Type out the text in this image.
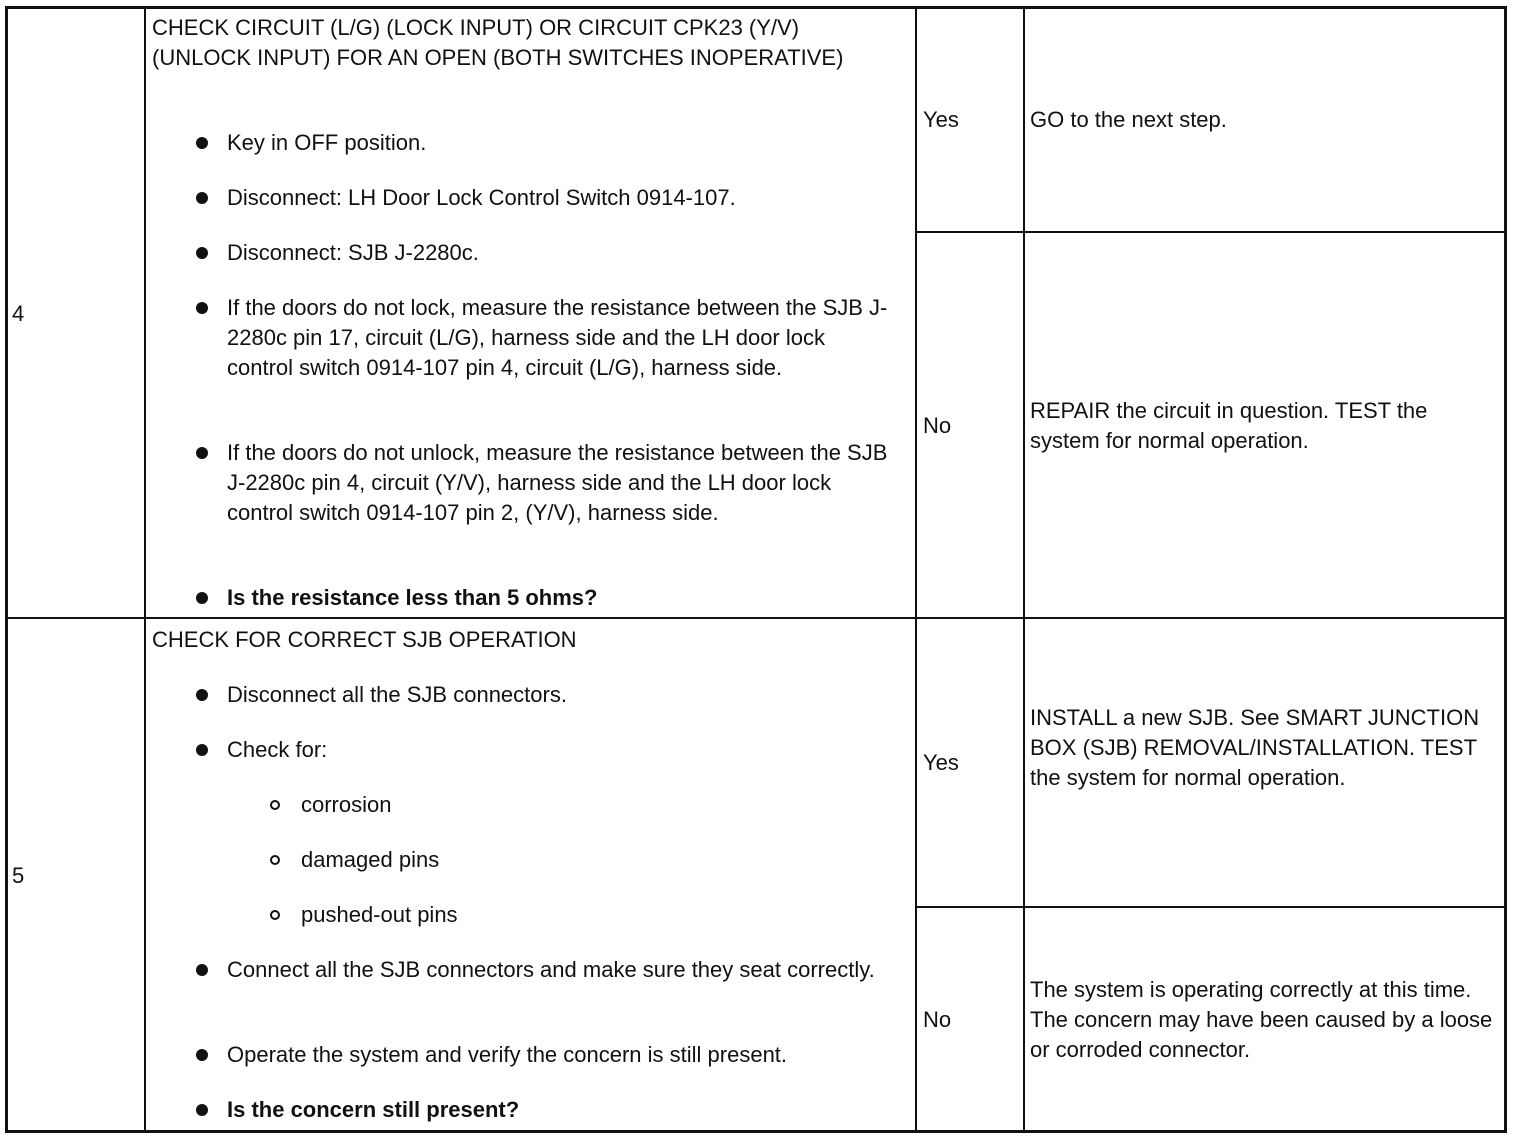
4
CHECK CIRCUIT (L/G) (LOCK INPUT) OR CIRCUIT CPK23 (Y/V) (UNLOCK INPUT) FOR AN OPEN (BOTH SWITCHES INOPERATIVE)
Key in OFF position.
Disconnect: LH Door Lock Control Switch 0914-107.
Disconnect: SJB J-2280c.
If the doors do not lock, measure the resistance between the SJB J-2280c pin 17, circuit (L/G), harness side and the LH door lock control switch 0914-107 pin 4, circuit (L/G), harness side.
If the doors do not unlock, measure the resistance between the SJB J-2280c pin 4, circuit (Y/V), harness side and the LH door lock control switch 0914-107 pin 2, (Y/V), harness side.
Is the resistance less than 5 ohms?
Yes	GO to the next step.
No
REPAIR the circuit in question. TEST the system for normal operation.
5
CHECK FOR CORRECT SJB OPERATION
Disconnect all the SJB connectors.
Check for:
corrosion
damaged pins
pushed-out pins
Connect all the SJB connectors and make sure they seat correctly.
Operate the system and verify the concern is still present.
Is the concern still present?
Yes
INSTALL a new SJB. See SMART JUNCTION BOX (SJB) REMOVAL/INSTALLATION. TEST the system for normal operation.
No
The system is operating correctly at this time. The concern may have been caused by a loose or corroded connector.
